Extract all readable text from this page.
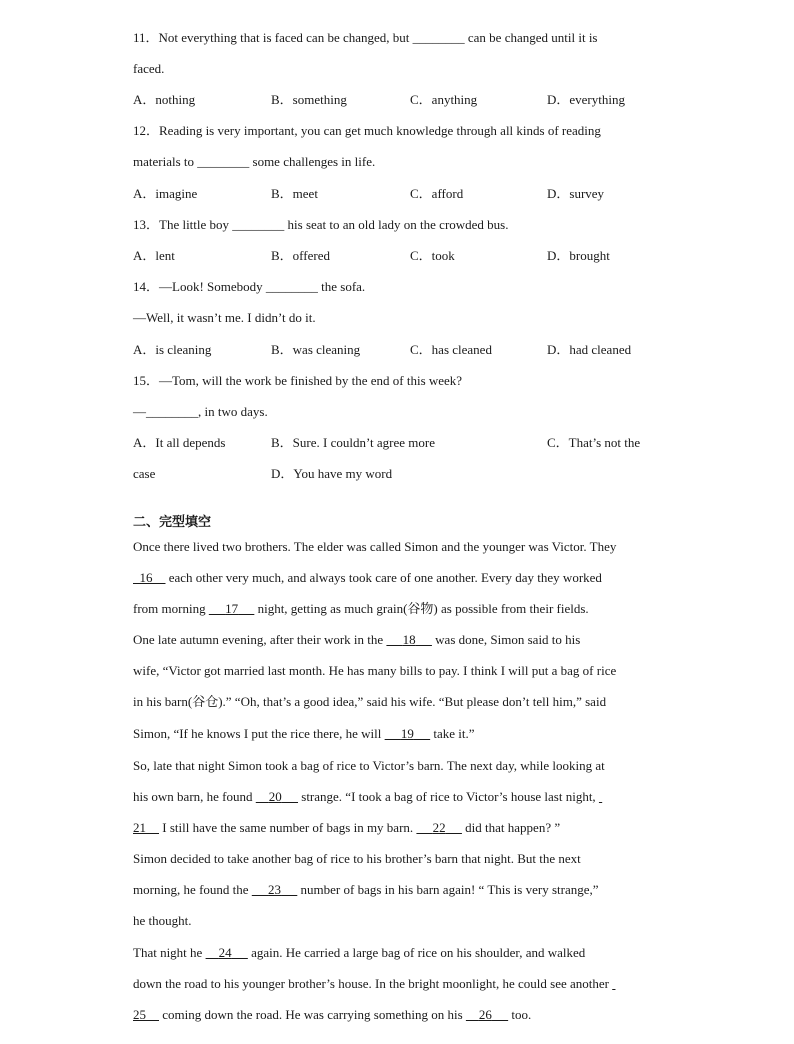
11．Not everything that is faced can be changed, but ________ can be changed until it is
faced.
A．nothing	B．something	C．anything	D．everything
12．Reading is very important, you can get much knowledge through all kinds of reading
materials to ________ some challenges in life.
A．imagine	B．meet	C．afford	D．survey
13．The little boy ________ his seat to an old lady on the crowded bus.
A．lent	B．offered	C．took	D．brought
14．—Look! Somebody ________ the sofa.
—Well, it wasn’t me. I didn’t do it.
A．is cleaning	B．was cleaning	C．has cleaned	D．had cleaned
15．—Tom, will the work be finished by the end of this week?
—________, in two days.
A．It all depends	B．Sure. I couldn’t agree more	C．That’s not the
case	D．You have my word
二、完型填空
Once there lived two brothers. The elder was called Simon and the younger was Victor. They
16 each other very much, and always took care of one another. Every day they worked
from morning 17 night, getting as much grain(谷物) as possible from their fields.
One late autumn evening, after their work in the 18 was done, Simon said to his
wife, “Victor got married last month. He has many bills to pay. I think I will put a bag of rice
in his barn(谷仓).” “Oh, that’s a good idea,” said his wife. “But please don’t tell him,” said
Simon, “If he knows I put the rice there, he will 19 take it.”
So, late that night Simon took a bag of rice to Victor’s barn. The next day, while looking at
his own barn, he found 20 strange. “I took a bag of rice to Victor’s house last night,
21 I still have the same number of bags in my barn. 22 did that happen? ”
Simon decided to take another bag of rice to his brother’s barn that night. But the next
morning, he found the 23 number of bags in his barn again! “ This is very strange,”
he thought.
That night he 24 again. He carried a large bag of rice on his shoulder, and walked
down the road to his younger brother’s house. In the bright moonlight, he could see another
25 coming down the road. He was carrying something on his 26 too.
